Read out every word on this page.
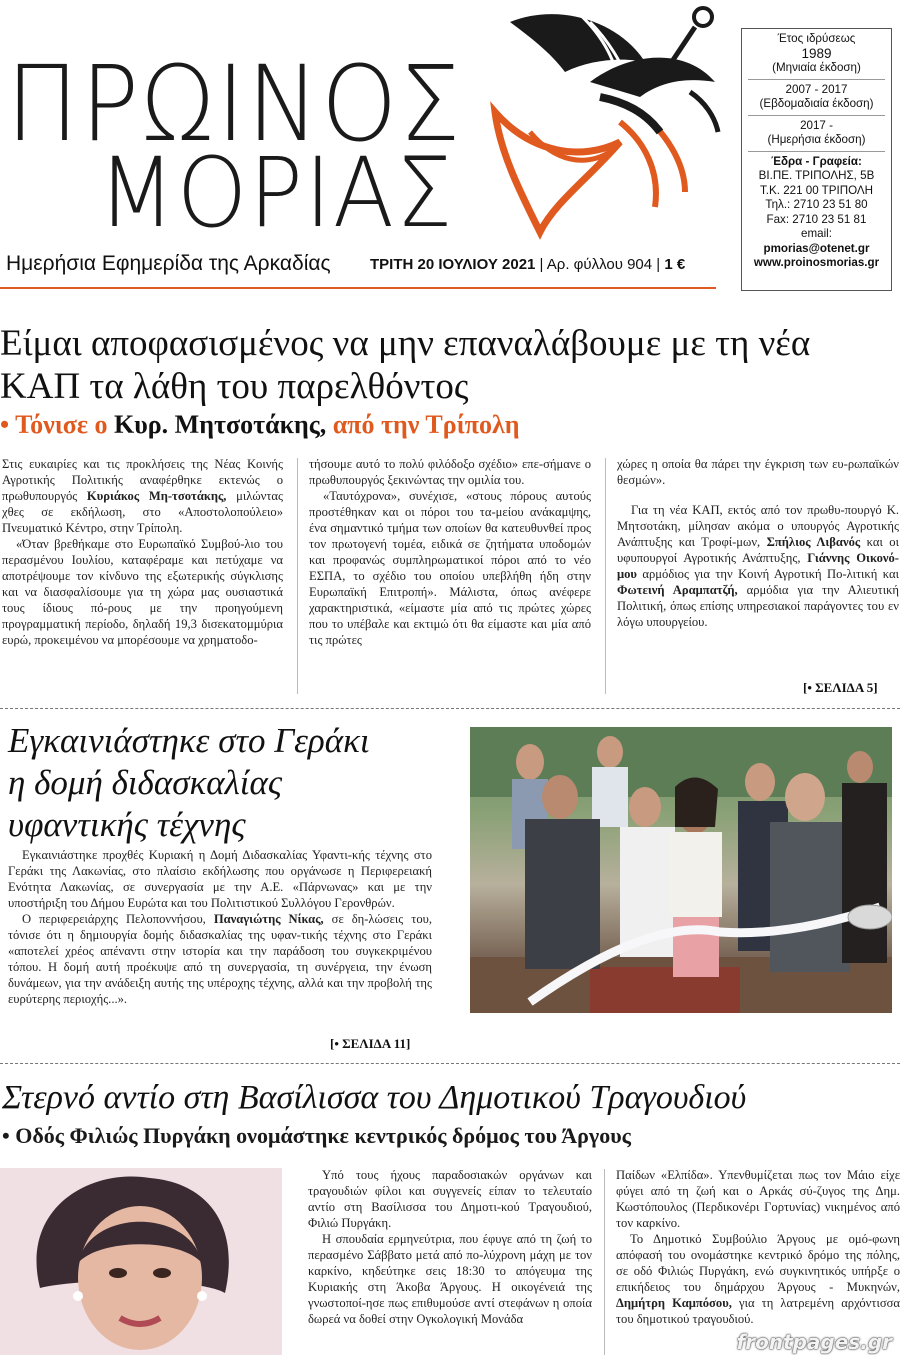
ΠΡΩΙΝΟΣ
ΜΟΡΙΑΣ
Ημερήσια Εφημερίδα της Αρκαδίας	ΤΡΙΤΗ 20 ΙΟΥΛΙΟΥ 2021 | Αρ. φύλλου 904 | 1 €
Έτος ιδρύσεως
1989
(Μηνιαία έκδοση)
2007 - 2017
(Εβδομαδιαία έκδοση)
2017 -
(Ημερήσια έκδοση)
Έδρα - Γραφεία:
ΒΙ.ΠΕ. ΤΡΙΠΟΛΗΣ, 5Β
Τ.Κ. 221 00 ΤΡΙΠΟΛΗ
Τηλ.: 2710 23 51 80
Fax: 2710 23 51 81
email:
pmorias@otenet.gr
www.proinosmorias.gr
Είμαι αποφασισμένος να μην επαναλάβουμε με τη νέα
ΚΑΠ τα λάθη του παρελθόντος
• Τόνισε ο Κυρ. Μητσοτάκης, από την Τρίπολη

Στις ευκαιρίες και τις προκλήσεις της Νέας Κοινής Αγροτικής Πολιτικής αναφέρθηκε εκτενώς ο πρωθυπουργός Κυριάκος Μη-τσοτάκης, μιλώντας χθες σε εκδήλωση, στο «Αποστολοπούλειο» Πνευματικό Κέντρο, στην Τρίπολη.

«Όταν βρεθήκαμε στο Ευρωπαϊκό Συμβού-λιο του περασμένου Ιουλίου, καταφέραμε και πετύχαμε να αποτρέψουμε τον κίνδυνο της εξωτερικής σύγκλισης και να διασφαλίσουμε για τη χώρα μας ουσιαστικά τους ίδιους πό-ρους με την προηγούμενη προγραμματική περίοδο, δηλαδή 19,3 δισεκατομμύρια ευρώ, προκειμένου να μπορέσουμε να χρηματοδο-

τήσουμε αυτό το πολύ φιλόδοξο σχέδιο» επε-σήμανε ο πρωθυπουργός ξεκινώντας την ομιλία του.

«Ταυτόχρονα», συνέχισε, «στους πόρους αυτούς προστέθηκαν και οι πόροι του τα-μείου ανάκαμψης, ένα σημαντικό τμήμα των οποίων θα κατευθυνθεί προς τον πρωτογενή τομέα, ειδικά σε ζητήματα υποδομών και προφανώς συμπληρωματικοί πόροι από το νέο ΕΣΠΑ, το σχέδιο του οποίου υπεβλήθη ήδη στην Ευρωπαϊκή Επιτροπή». Μάλιστα, όπως ανέφερε χαρακτηριστικά, «είμαστε μία από τις πρώτες χώρες που το υπέβαλε και εκτιμώ ότι θα είμαστε και μία από τις πρώτες

χώρες η οποία θα πάρει την έγκριση των ευ-ρωπαϊκών θεσμών».

Για τη νέα ΚΑΠ, εκτός από τον πρωθυ-πουργό Κ. Μητσοτάκη, μίλησαν ακόμα ο υπουργός Αγροτικής Ανάπτυξης και Τροφί-μων, Σπήλιος Λιβανός και οι υφυπουργοί Αγροτικής Ανάπτυξης, Γιάννης Οικονό-μου αρμόδιος για την Κοινή Αγροτική Πο-λιτική και Φωτεινή Αραμπατζή, αρμόδια για την Αλιευτική Πολιτική, όπως επίσης υπηρεσιακοί παράγοντες του εν λόγω υπουργείου.

[• ΣΕΛΙΔΑ 5]
Εγκαινιάστηκε στο Γεράκι
η δομή διδασκαλίας
υφαντικής τέχνης

Εγκαινιάστηκε προχθές Κυριακή η Δομή Διδασκαλίας Υφαντι-κής τέχνης στο Γεράκι της Λακωνίας, στο πλαίσιο εκδήλωσης που οργάνωσε η Περιφερειακή Ενότητα Λακωνίας, σε συνεργασία με την Α.Ε. «Πάρνωνας» και με την υποστήριξη του Δήμου Ευρώτα και του Πολιτιστικού Συλλόγου Γερονθρών.

Ο περιφερειάρχης Πελοποννήσου, Παναγιώτης Νίκας, σε δη-λώσεις του, τόνισε ότι η δημιουργία δομής διδασκαλίας της υφαν-τικής τέχνης στο Γεράκι «αποτελεί χρέος απέναντι στην ιστορία και την παράδοση του συγκεκριμένου τόπου. Η δομή αυτή προέκυψε από τη συνεργασία, τη συνέργεια, την ένωση δυνάμεων, για την ανάδειξη αυτής της υπέροχης τέχνης, αλλά και την προβολή της ευρύτερης περιοχής...».

[• ΣΕΛΙΔΑ 11]
Στερνό αντίο στη Βασίλισσα του Δημοτικού Τραγουδιού
• Οδός Φιλιώς Πυργάκη ονομάστηκε κεντρικός δρόμος του Άργους

Υπό τους ήχους παραδοσιακών οργάνων και τραγουδιών φίλοι και συγγενείς είπαν το τελευταίο αντίο στη Βασίλισσα του Δημοτι-κού Τραγουδιού, Φιλιώ Πυργάκη.

Η σπουδαία ερμηνεύτρια, που έφυγε από τη ζωή το περασμένο Σάββατο μετά από πο-λύχρονη μάχη με τον καρκίνο, κηδεύτηκε σεις 18:30 το απόγευμα της Κυριακής στη Άκοβα Άργους. Η οικογένειά της γνωστοποί-ησε πως επιθυμούσε αντί στεφάνων η οποία δωρεά να δοθεί στην Ογκολογική Μονάδα

Παίδων «Ελπίδα». Υπενθυμίζεται πως τον Μάιο είχε φύγει από τη ζωή και ο Αρκάς σύ-ζυγος της Δημ. Κωστόπουλος (Περδικονέρι Γορτυνίας) νικημένος από τον καρκίνο.

Το Δημοτικό Συμβούλιο Άργους με ομό-φωνη απόφασή του ονομάστηκε κεντρικό δρόμο της πόλης, σε οδό Φιλιώς Πυργάκη, ενώ συγκινητικός υπήρξε ο επικήδειος του δημάρχου Άργους - Μυκηνών, Δημήτρη Καμπόσου, για τη λατρεμένη αρχόντισσα του δημοτικού τραγουδιού.

frontpages.gr
